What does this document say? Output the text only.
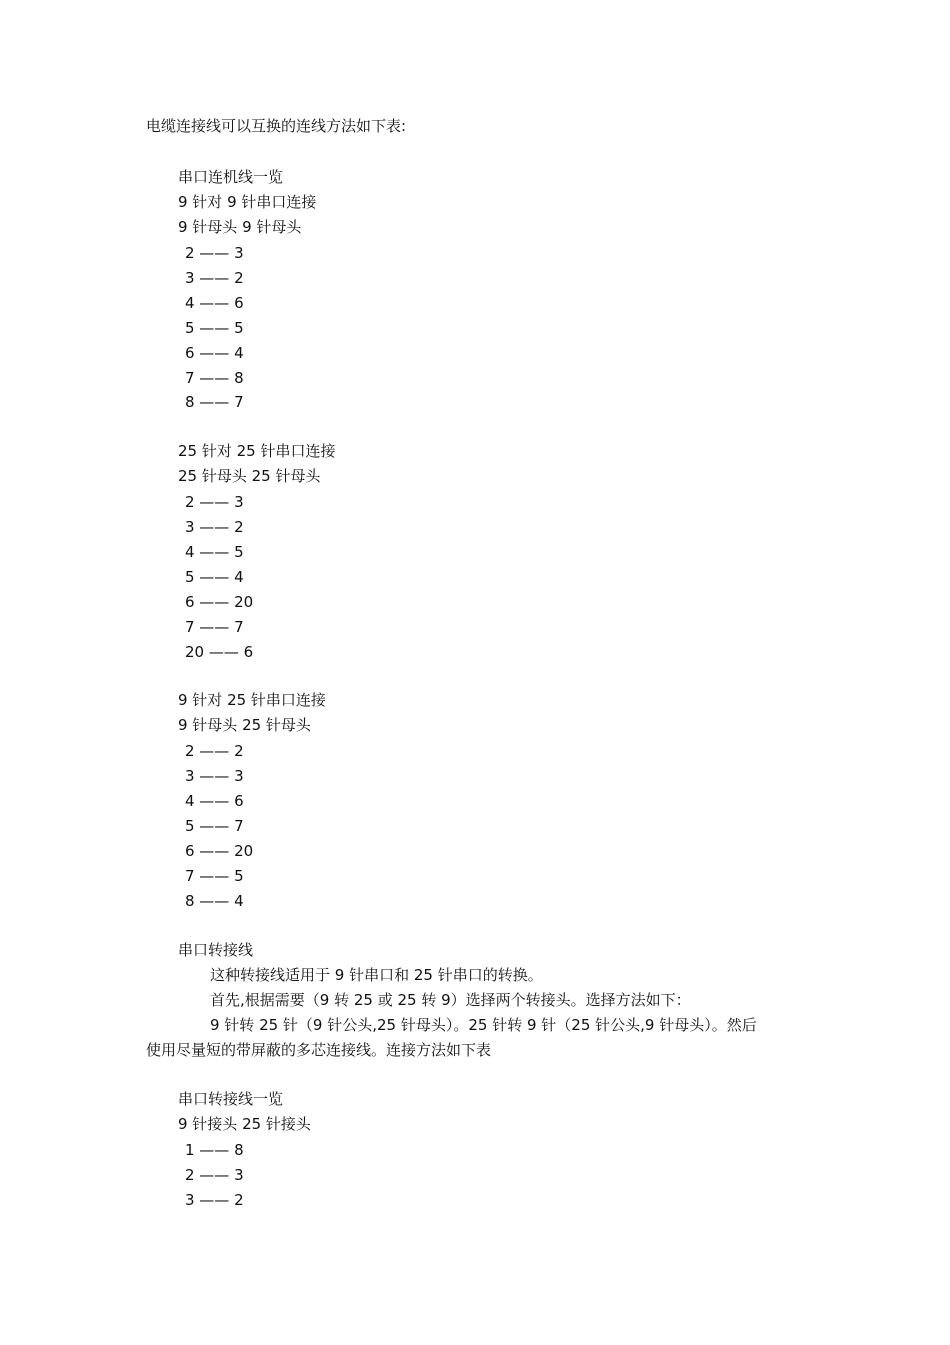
电缆连接线可以互换的连线方法如下表:
串口连机线一览
9 针对 9 针串口连接
9 针母头 9 针母头
2 —— 3
3 —— 2
4 —— 6
5 —— 5
6 —— 4
7 —— 8
8 —— 7
25 针对 25 针串口连接
25 针母头 25 针母头
2 —— 3
3 —— 2
4 —— 5
5 —— 4
6 —— 20
7 —— 7
20 —— 6
9 针对 25 针串口连接
9 针母头 25 针母头
2 —— 2
3 —— 3
4 —— 6
5 —— 7
6 —— 20
7 —— 5
8 —— 4
串口转接线
这种转接线适用于 9 针串口和 25 针串口的转换。
首先,根据需要（9 转 25 或 25 转 9）选择两个转接头。选择方法如下：
9 针转 25 针（9 针公头,25 针母头）。25 针转 9 针（25 针公头,9 针母头）。然后
使用尽量短的带屏蔽的多芯连接线。连接方法如下表
串口转接线一览
9 针接头 25 针接头
1 —— 8
2 —— 3
3 —— 2
